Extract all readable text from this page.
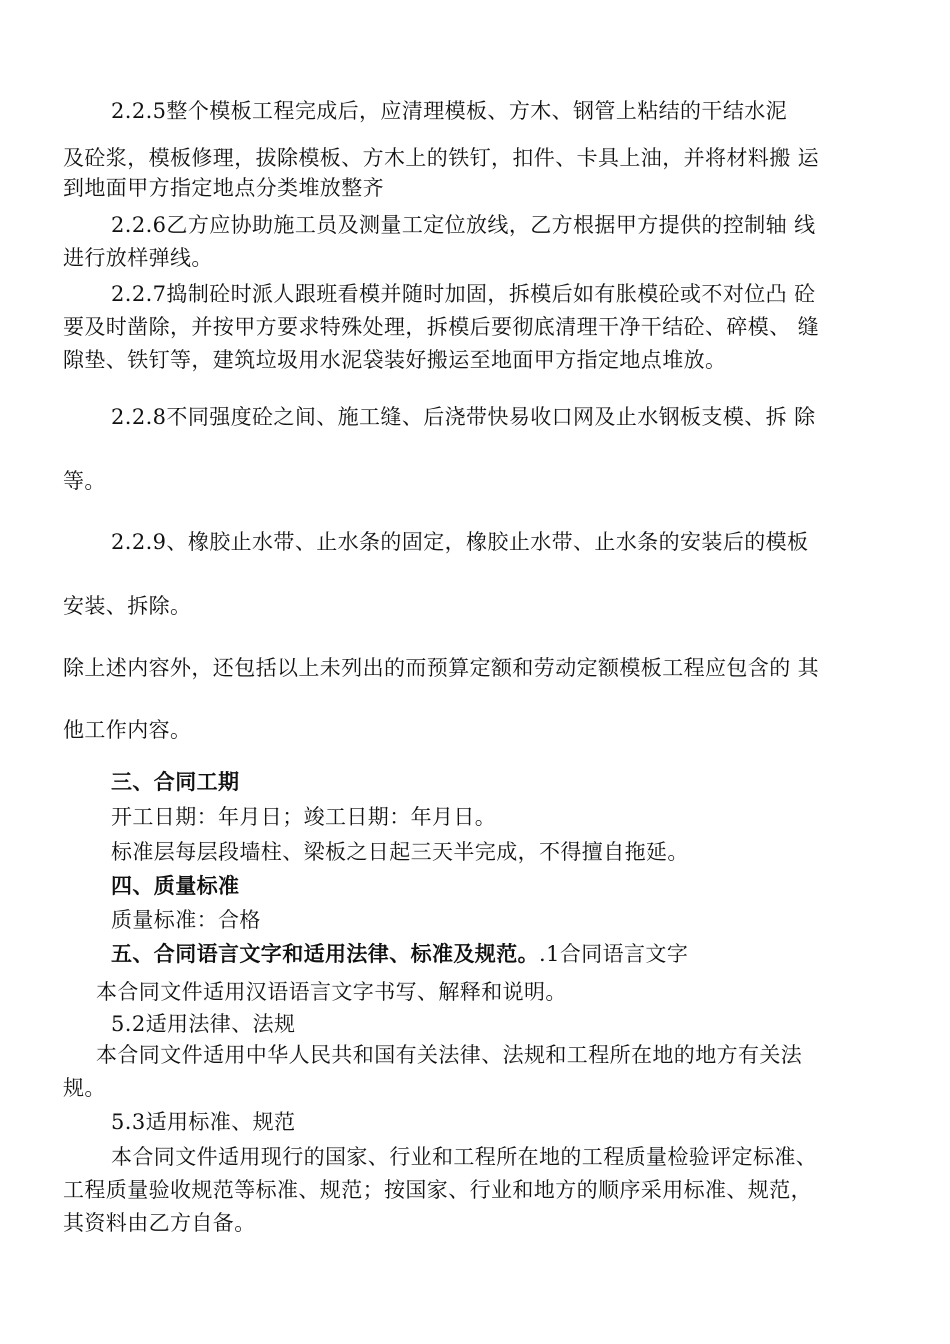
2.2.5整个模板工程完成后，应清理模板、方木、钢管上粘结的干结水泥
及砼浆，模板修理，拔除模板、方木上的铁钉，扣件、卡具上油，并将材料搬 运
到地面甲方指定地点分类堆放整齐
2.2.6乙方应协助施工员及测量工定位放线，乙方根据甲方提供的控制轴 线
进行放样弹线。
2.2.7捣制砼时派人跟班看模并随时加固，拆模后如有胀模砼或不对位凸 砼
要及时凿除，并按甲方要求特殊处理，拆模后要彻底清理干净干结砼、碎模、 缝
隙垫、铁钉等，建筑垃圾用水泥袋装好搬运至地面甲方指定地点堆放。
2.2.8不同强度砼之间、施工缝、后浇带快易收口网及止水钢板支模、拆 除
等。
2.2.9、橡胶止水带、止水条的固定，橡胶止水带、止水条的安装后的模板
安装、拆除。
除上述内容外，还包括以上未列出的而预算定额和劳动定额模板工程应包含的 其
他工作内容。
三、合同工期
开工日期：年月日；竣工日期：年月日。
标准层每层段墙柱、梁板之日起三天半完成，不得擅自拖延。
四、质量标准
质量标准：合格
五、合同语言文字和适用法律、标准及规范。.1合同语言文字
本合同文件适用汉语语言文字书写、解释和说明。
5.2适用法律、法规
本合同文件适用中华人民共和国有关法律、法规和工程所在地的地方有关法
规。
5.3适用标准、规范
本合同文件适用现行的国家、行业和工程所在地的工程质量检验评定标准、
工程质量验收规范等标准、规范；按国家、行业和地方的顺序采用标准、规范，
其资料由乙方自备。
